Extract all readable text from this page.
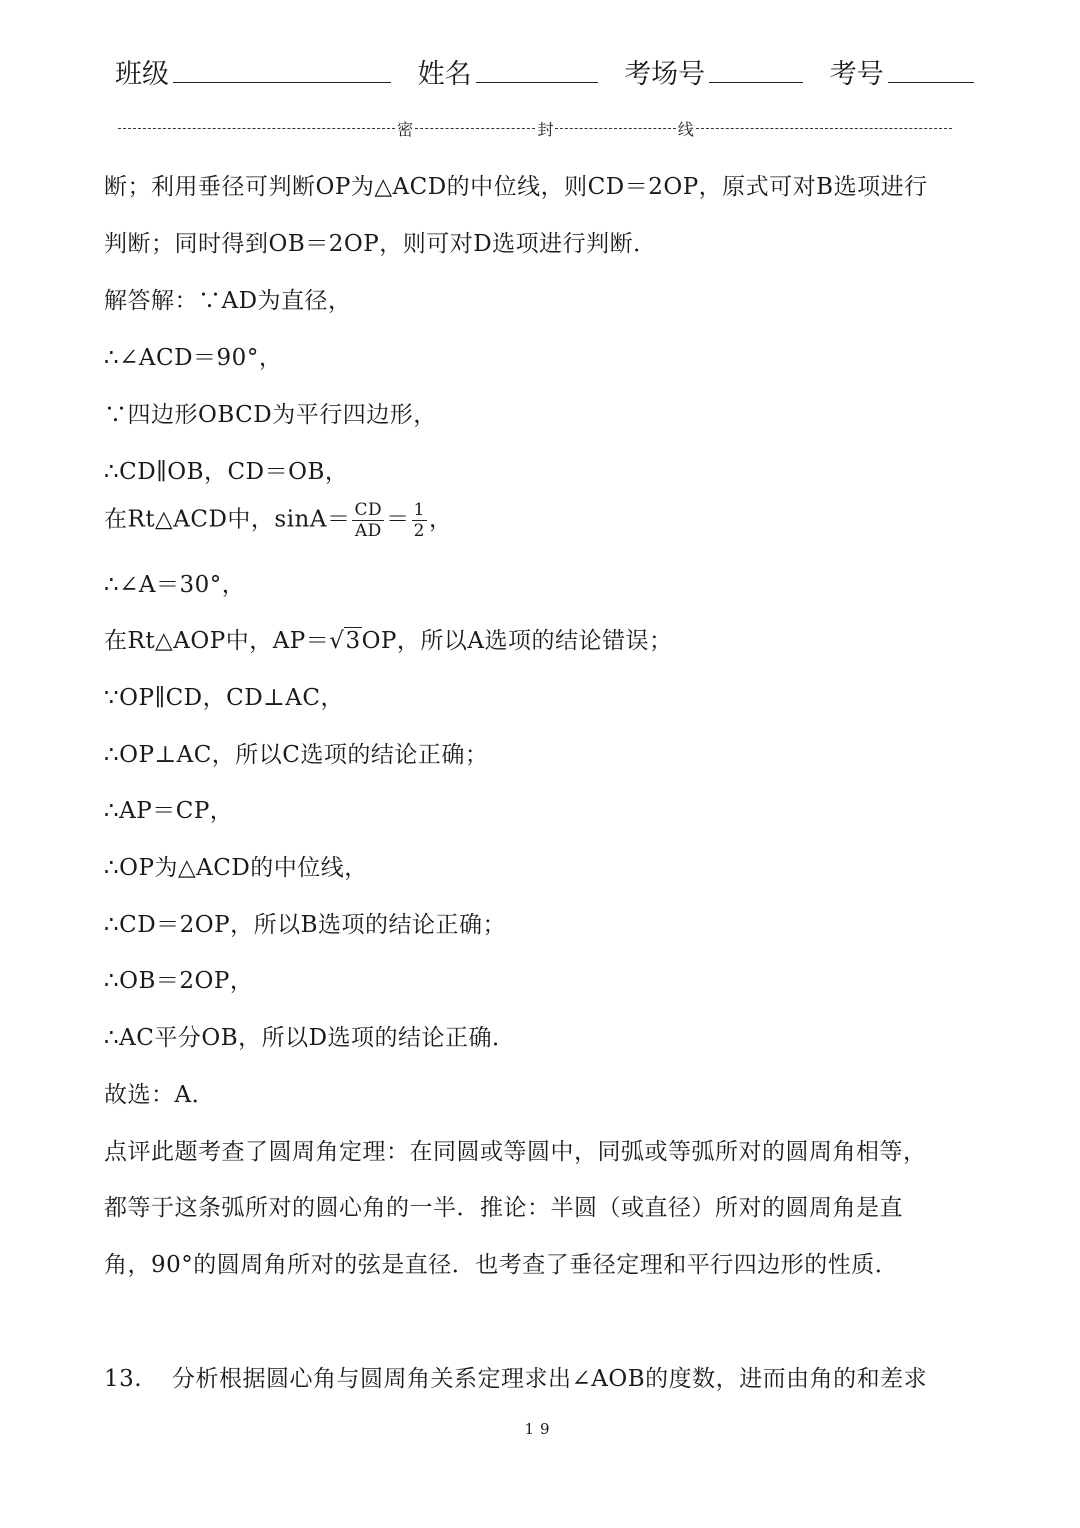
班级	姓名	考场号	考号
密	封	线
断；利用垂径可判断OP为△ACD的中位线，则CD＝2OP，原式可对B选项进行
判断；同时得到OB＝2OP，则可对D选项进行判断．
解答解：∵AD为直径，
∴∠ACD＝90°，
∵四边形OBCD为平行四边形，
∴CD∥OB，CD＝OB，
在Rt△ACD中，$\sin A= \frac{CD}{AD} = \frac{1}{2}$ ，
∴∠A＝30°，
在Rt△AOP中，AP＝√3OP，所以A选项的结论错误；
∵OP∥CD，CD⊥AC，
∴OP⊥AC，所以C选项的结论正确；
∴AP＝CP，
∴OP为△ACD的中位线，
∴CD＝2OP，所以B选项的结论正确；
∴OB＝2OP，
∴AC平分OB，所以D选项的结论正确．
故选：A．
点评此题考查了圆周角定理：在同圆或等圆中，同弧或等弧所对的圆周角相等，
都等于这条弧所对的圆心角的一半．推论：半圆（或直径）所对的圆周角是直
角，90°的圆周角所对的弦是直径．也考查了垂径定理和平行四边形的性质．
13. 分析根据圆心角与圆周角关系定理求出∠AOB的度数，进而由角的和差求
19
